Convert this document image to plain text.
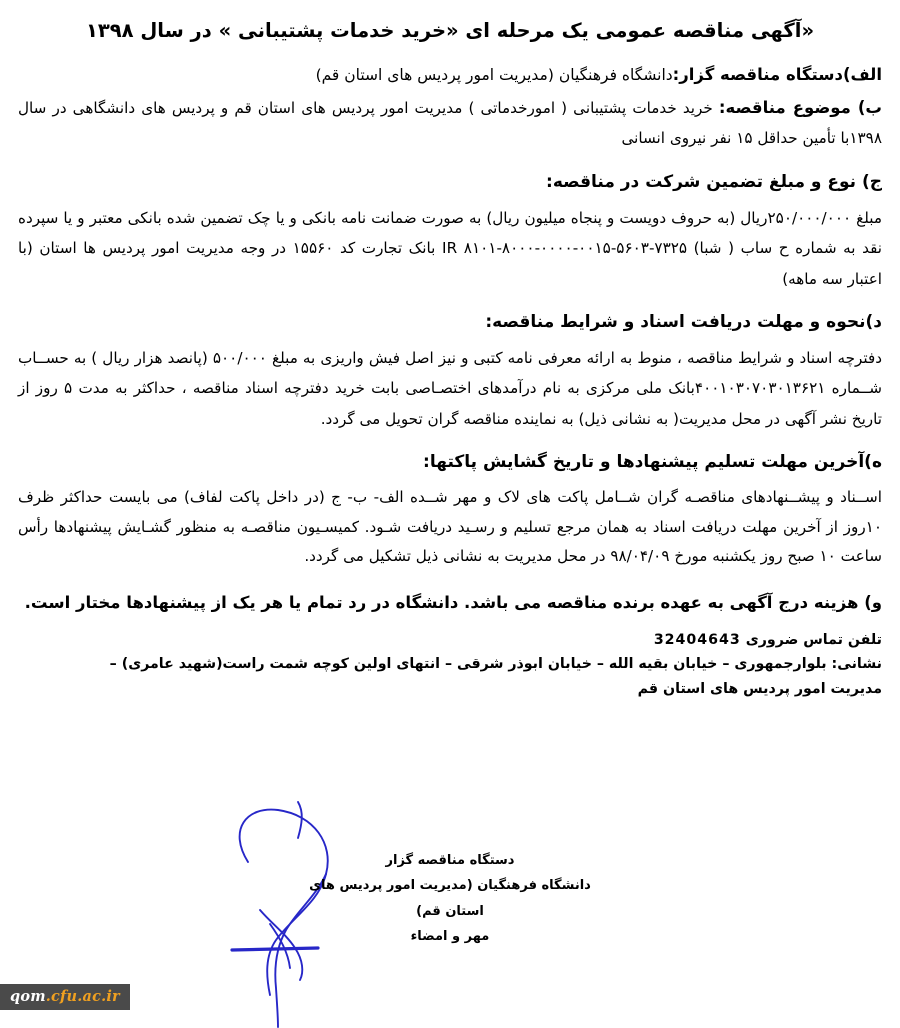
«آگهی مناقصه عمومی یک مرحله ای «خرید خدمات پشتیبانی » در سال ۱۳۹۸

الف)دستگاه مناقصه گزار:دانشگاه فرهنگیان (مدیریت امور پردیس های استان قم)

ب) موضوع مناقصه: خرید خدمات پشتیبانی ( امورخدماتی ) مدیریت امور پردیس های استان قم و پردیس های دانشگاهی در سال ۱۳۹۸با تأمین حداقل ۱۵ نفر نیروی انسانی

ج) نوع و مبلغ تضمین شرکت در مناقصه:

مبلغ ۲۵۰/۰۰۰/۰۰۰ریال (به حروف دویست و پنجاه میلیون ریال) به صورت ضمانت نامه بانکی و یا چک تضمین شده بانکی معتبر و یا سپرده نقد به شماره ح ساب ( شبا) ۷۳۲۵-۵۶۰۳-۰۰۱۵-۰۰۰۰-۸۰۰۰-۸۱۰۱ IR بانک تجارت کد ۱۵۵۶۰ در وجه مدیریت امور پردیس ها استان (با اعتبار سه ماهه)

د)نحوه و مهلت دریافت اسناد و شرایط مناقصه:

دفترچه اسناد و شرایط مناقصه ، منوط به ارائه معرفی نامه کتبی و نیز اصل فیش واریزی به مبلغ ۵۰۰/۰۰۰ (پانصد هزار ریال ) به حســاب شــماره ۴۰۰۱۰۳۰۷۰۳۰۱۳۶۲۱بانک ملی مرکزی به نام درآمدهای اختصـاصی بابت خرید دفترچه اسناد مناقصه ، حداکثر به مدت ۵ روز از تاریخ نشر آگهی در محل مدیریت( به نشانی ذیل) به نماینده مناقصه گران تحویل می گردد.

ه)آخرین مهلت تسلیم پیشنهادها و تاریخ گشایش پاکتها:

اســناد و پیشــنهادهای مناقصـه گران شــامل پاکت های لاک و مهر شــده الف- ب- ج (در داخل پاکت لفاف) می بایست حداکثر ظرف ۱۰روز از آخرین مهلت دریافت اسناد به همان مرجع تسلیم و رسـید دریافت شـود. کمیسـیون مناقصـه به منظور گشـایش پیشنهادها رأس ساعت ۱۰ صبح روز یکشنبه مورخ ۹۸/۰۴/۰۹ در محل مدیریت به نشانی ذیل تشکیل می گردد.

و) هزینه درج آگهی به عهده برنده مناقصه می باشد. دانشگاه در رد تمام یا هر یک از پیشنهادها مختار است.

تلفن تماس ضروری 32404643

نشانی: بلوارجمهوری – خیابان بقیه الله – خیابان ابوذر شرقی – انتهای اولین کوچه شمت راست(شهید عامری) – مدیریت امور پردیس های استان قم

دستگاه مناقصه گزار
دانشگاه فرهنگیان (مدیریت امور پردیس های استان قم)
مهر و امضاء
qom.cfu.ac.ir
